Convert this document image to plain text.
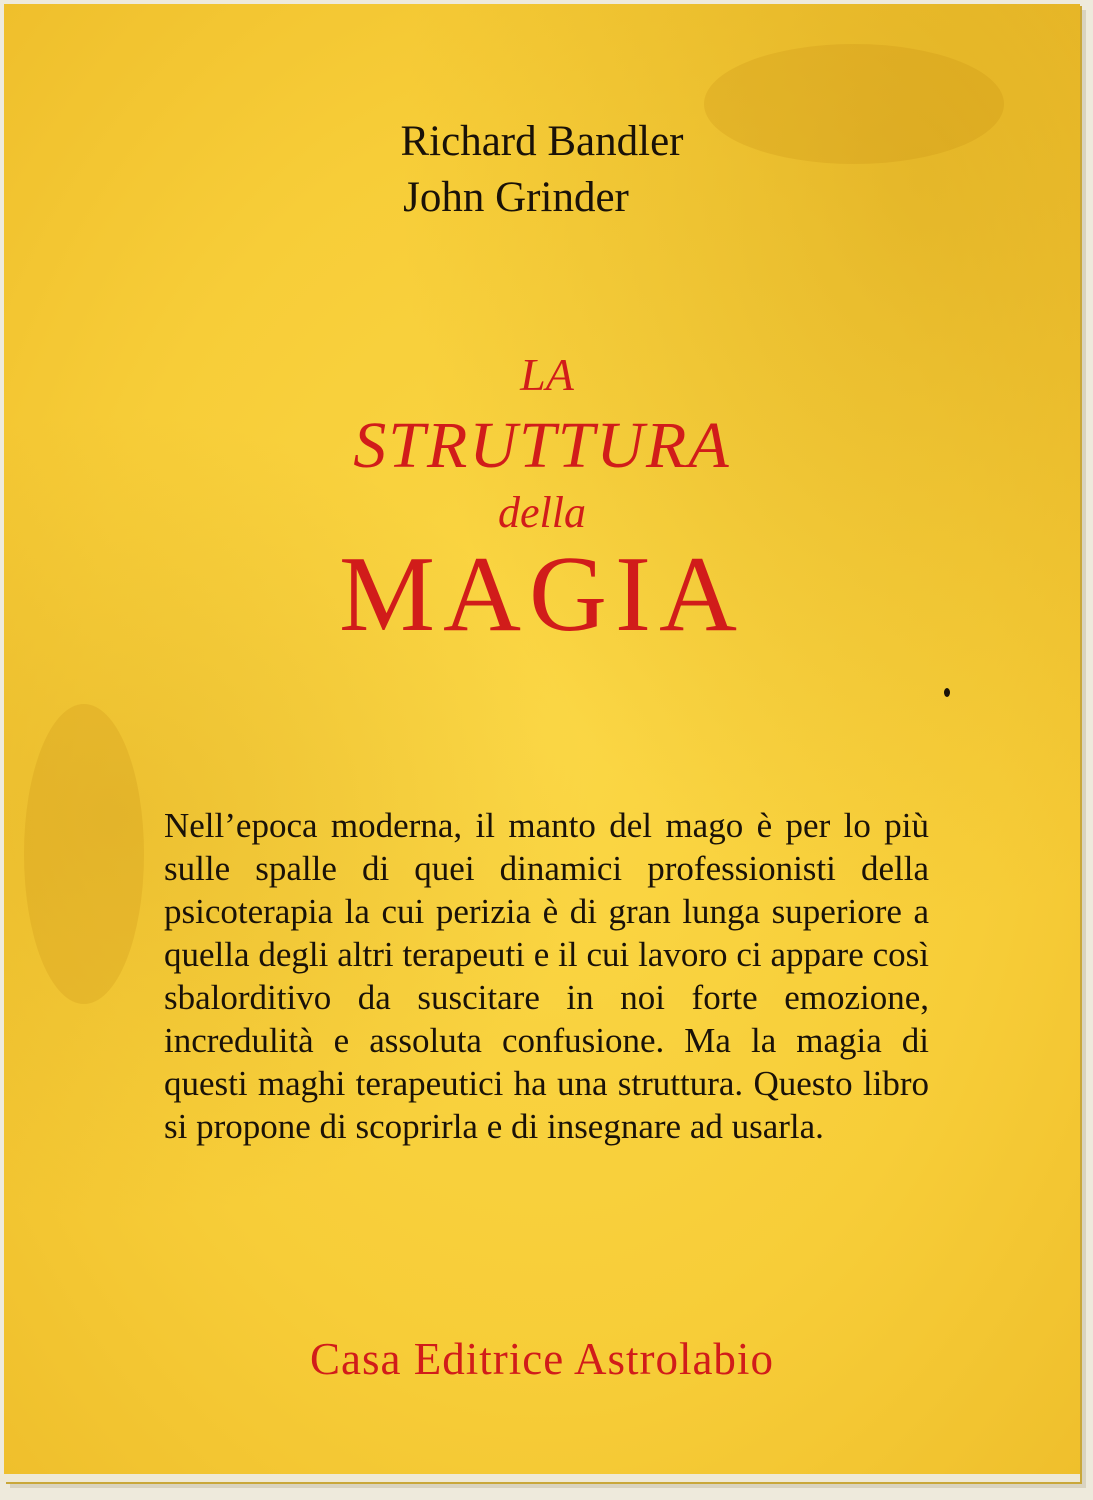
Richard Bandler
John Grinder
LA
STRUTTURA
della
MAGIA

Nell’epoca moderna, il manto del mago è per lo più sulle spalle di quei dinamici professionisti della psicoterapia la cui perizia è di gran lunga superiore a quella degli altri terapeuti e il cui lavoro ci appare così sbalorditivo da suscitare in noi forte emozione, incredulità e assoluta confusione. Ma la magia di questi maghi terapeutici ha una struttura. Questo libro si propone di scoprirla e di insegnare ad usarla.

Casa Editrice Astrolabio
